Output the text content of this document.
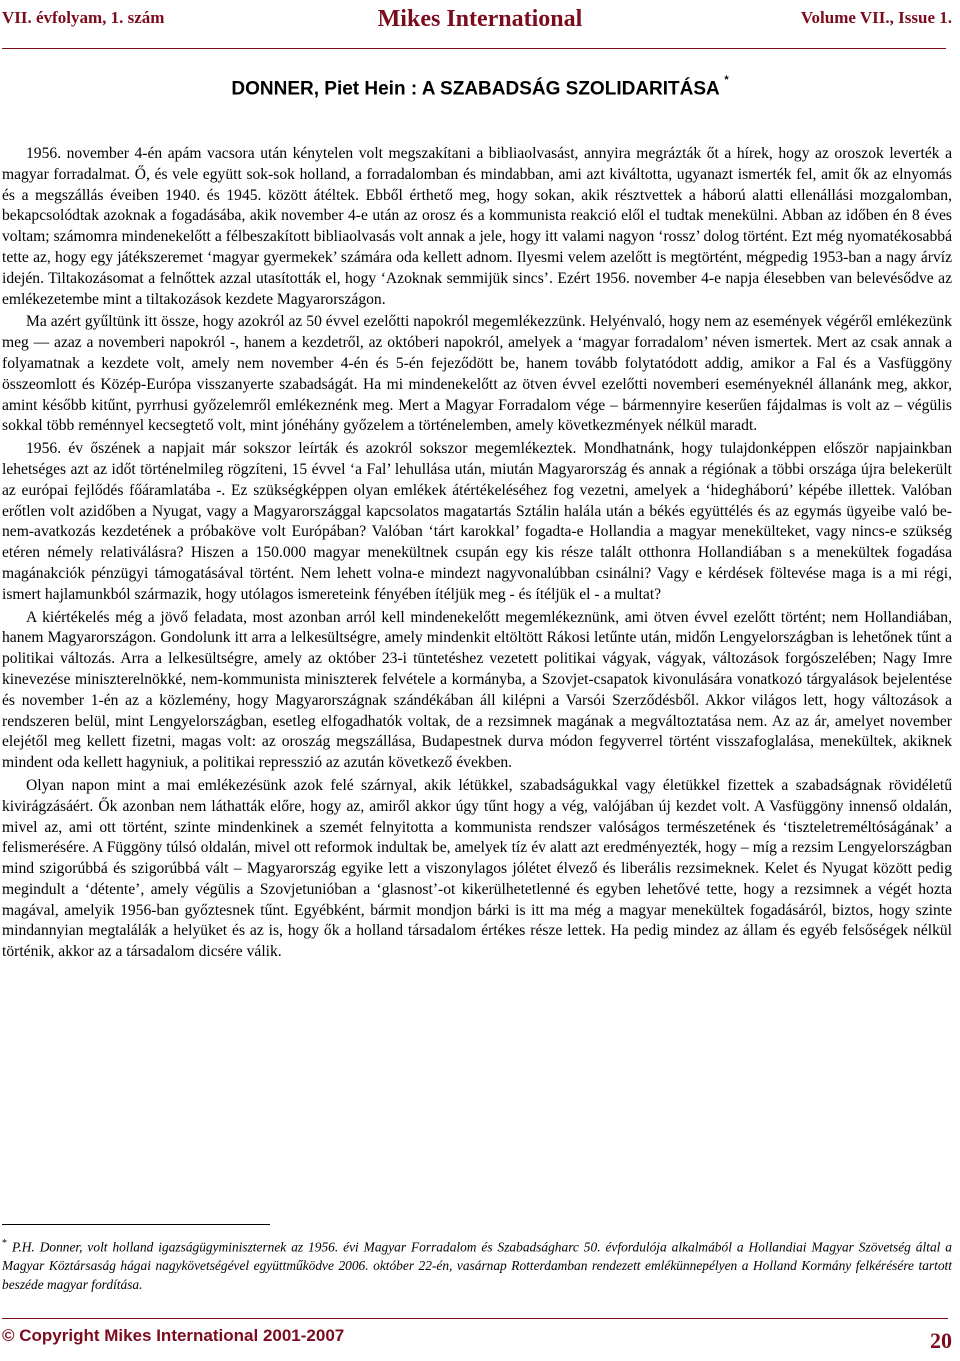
VII. évfolyam, 1. szám	Mikes International	Volume VII., Issue 1.
DONNER, Piet Hein : A SZABADSÁG SZOLIDARITÁSA *

1956. november 4-én apám vacsora után kénytelen volt megszakítani a bibliaolvasást, annyira megrázták őt a hírek, hogy az oroszok leverték a magyar forradalmat. Ő, és vele együtt sok-sok holland, a forradalomban és mindabban, ami azt kiváltotta, ugyanazt ismerték fel, amit ők az elnyomás és a megszállás éveiben 1940. és 1945. között átéltek. Ebből érthető meg, hogy sokan, akik résztvettek a háború alatti ellenállási mozgalomban, bekapcsolódtak azoknak a fogadásába, akik november 4-e után az orosz és a kommunista reakció elől el tudtak menekülni. Abban az időben én 8 éves voltam; számomra mindenekelőtt a félbeszakított bibliaolvasás volt annak a jele, hogy itt valami nagyon ‘rossz’ dolog történt. Ezt még nyomatékosabbá tette az, hogy egy játékszeremet ‘magyar gyermekek’ számára oda kellett adnom. Ilyesmi velem azelőtt is megtörtént, mégpedig 1953-ban a nagy árvíz idején. Tiltakozásomat a felnőttek azzal utasították el, hogy ‘Azoknak semmijük sincs’. Ezért 1956. november 4-e napja élesebben van belevésődve az emlékezetembe mint a tiltakozások kezdete Magyarországon.

Ma azért gyűltünk itt össze, hogy azokról az 50 évvel ezelőtti napokról megemlékezzünk. Helyénvaló, hogy nem az események végéről emlékezünk meg — azaz a novemberi napokról -, hanem a kezdetről, az októberi napokról, amelyek a ‘magyar forradalom’ néven ismertek. Mert az csak annak a folyamatnak a kezdete volt, amely nem november 4-én és 5-én fejeződött be, hanem tovább folytatódott addig, amikor a Fal és a Vasfüggöny összeomlott és Közép-Európa visszanyerte szabadságát. Ha mi mindenekelőtt az ötven évvel ezelőtti novemberi eseményeknél állanánk meg, akkor, amint később kitűnt, pyrrhusi győzelemről emlékeznénk meg. Mert a Magyar Forradalom vége – bármennyire keserűen fájdalmas is volt az – végülis sokkal több reménnyel kecsegtető volt, mint jónéhány győzelem a történelemben, amely következmények nélkül maradt.

1956. év őszének a napjait már sokszor leírták és azokról sokszor megemlékeztek. Mondhatnánk, hogy tulajdonképpen először napjainkban lehetséges azt az időt történelmileg rögzíteni, 15 évvel ‘a Fal’ lehullása után, miután Magyarország és annak a régiónak a többi országa újra belekerült az európai fejlődés főáramlatába -. Ez szükségképpen olyan emlékek átértékeléséhez fog vezetni, amelyek a ‘hidegháború’ képébe illettek. Valóban erőtlen volt azidőben a Nyugat, vagy a Magyarországgal kapcsolatos magatartás Sztálin halála után a békés együttélés és az egymás ügyeibe való be-nem-avatkozás kezdetének a próbaköve volt Európában? Valóban ‘tárt karokkal’ fogadta-e Hollandia a magyar menekülteket, vagy nincs-e szükség etéren némely relativálásra? Hiszen a 150.000 magyar menekültnek csupán egy kis része talált otthonra Hollandiában s a menekültek fogadása magánakciók pénzügyi támogatásával történt. Nem lehett volna-e mindezt nagyvonalúbban csinálni? Vagy e kérdések föltevése maga is a mi régi, ismert hajlamunkból származik, hogy utólagos ismereteink fényében ítéljük meg - és ítéljük el - a multat?

A kiértékelés még a jövő feladata, most azonban arról kell mindenekelőtt megemlékeznünk, ami ötven évvel ezelőtt történt; nem Hollandiában, hanem Magyarországon. Gondolunk itt arra a lelkesültségre, amely mindenkit eltöltött Rákosi letűnte után, midőn Lengyelországban is lehetőnek tűnt a politikai változás. Arra a lelkesültségre, amely az október 23-i tüntetéshez vezetett politikai vágyak, vágyak, változások forgószelében; Nagy Imre kinevezése miniszterelnökké, nem-kommunista miniszterek felvétele a kormányba, a Szovjet-csapatok kivonulására vonatkozó tárgyalások bejelentése és november 1-én az a közlemény, hogy Magyarországnak szándékában áll kilépni a Varsói Szerződésből. Akkor világos lett, hogy változások a rendszeren belül, mint Lengyelországban, esetleg elfogadhatók voltak, de a rezsimnek magának a megváltoztatása nem. Az az ár, amelyet november elejétől meg kellett fizetni, magas volt: az oroszág megszállása, Budapestnek durva módon fegyverrel történt visszafoglalása, menekültek, akiknek mindent oda kellett hagyniuk, a politikai represszió az azután következő években.

Olyan napon mint a mai emlékezésünk azok felé szárnyal, akik létükkel, szabadságukkal vagy életükkel fizettek a szabadságnak rövidéletű kivirágzásáért. Ők azonban nem láthatták előre, hogy az, amiről akkor úgy tűnt hogy a vég, valójában új kezdet volt. A Vasfüggöny innenső oldalán, mivel az, ami ott történt, szinte mindenkinek a szemét felnyitotta a kommunista rendszer valóságos természetének és ‘tiszteletreméltóságának’ a felismerésére. A Függöny túlsó oldalán, mivel ott reformok indultak be, amelyek tíz év alatt azt eredményezték, hogy – míg a rezsim Lengyelországban mind szigorúbbá és szigorúbbá vált – Magyarország egyike lett a viszonylagos jólétet élvező és liberális rezsimeknek. Kelet és Nyugat között pedig megindult a ‘détente’, amely végülis a Szovjetunióban a ‘glasnost’-ot kikerülhetetlenné és egyben lehetővé tette, hogy a rezsimnek a végét hozta magával, amelyik 1956-ban győztesnek tűnt. Egyébként, bármit mondjon bárki is itt ma még a magyar menekültek fogadásáról, biztos, hogy szinte mindannyian megtalálák a helyüket és az is, hogy ők a holland társadalom értékes része lettek. Ha pedig mindez az állam és egyéb felsőségek nélkül történik, akkor az a társadalom dicsére válik.

* P.H. Donner, volt holland igazságügyminiszternek az 1956. évi Magyar Forradalom és Szabadságharc 50. évfordulója alkalmából a Hollandiai Magyar Szövetség által a Magyar Köztársaság hágai nagykövetségével együttműködve 2006. október 22-én, vasárnap Rotterdamban rendezett emlékünnepélyen a Holland Kormány felkérésére tartott beszéde magyar fordítása.
© Copyright Mikes International 2001-2007	20
